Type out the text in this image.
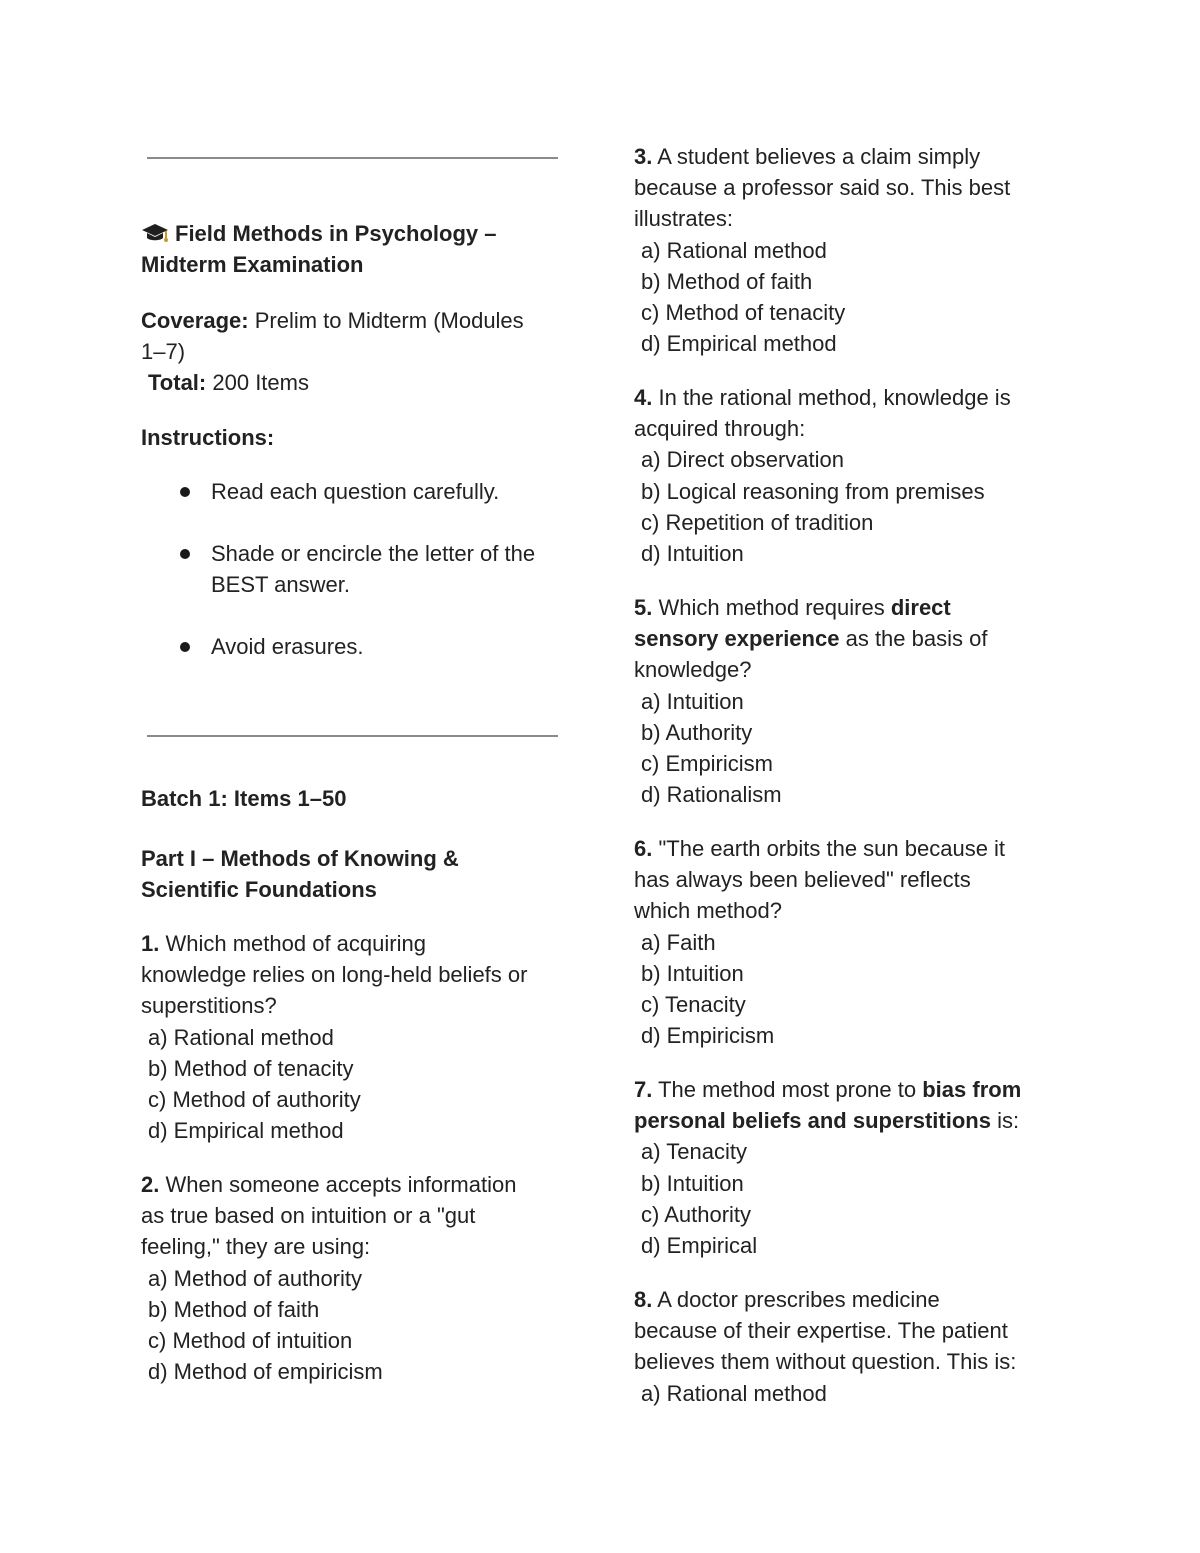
Field Methods in Psychology –
Midterm Examination
Coverage: Prelim to Midterm (Modules
1–7)
Total: 200 Items
Instructions:
Read each question carefully.
Shade or encircle the letter of the
BEST answer.
Avoid erasures.
Batch 1: Items 1–50
Part I – Methods of Knowing &
Scientific Foundations
1. Which method of acquiring
knowledge relies on long-held beliefs or
superstitions?
a) Rational method
b) Method of tenacity
c) Method of authority
d) Empirical method
2. When someone accepts information
as true based on intuition or a "gut
feeling," they are using:
a) Method of authority
b) Method of faith
c) Method of intuition
d) Method of empiricism
3. A student believes a claim simply
because a professor said so. This best
illustrates:
a) Rational method
b) Method of faith
c) Method of tenacity
d) Empirical method
4. In the rational method, knowledge is
acquired through:
a) Direct observation
b) Logical reasoning from premises
c) Repetition of tradition
d) Intuition
5. Which method requires direct
sensory experience as the basis of
knowledge?
a) Intuition
b) Authority
c) Empiricism
d) Rationalism
6. "The earth orbits the sun because it
has always been believed" reflects
which method?
a) Faith
b) Intuition
c) Tenacity
d) Empiricism
7. The method most prone to bias from
personal beliefs and superstitions is:
a) Tenacity
b) Intuition
c) Authority
d) Empirical
8. A doctor prescribes medicine
because of their expertise. The patient
believes them without question. This is:
a) Rational method
